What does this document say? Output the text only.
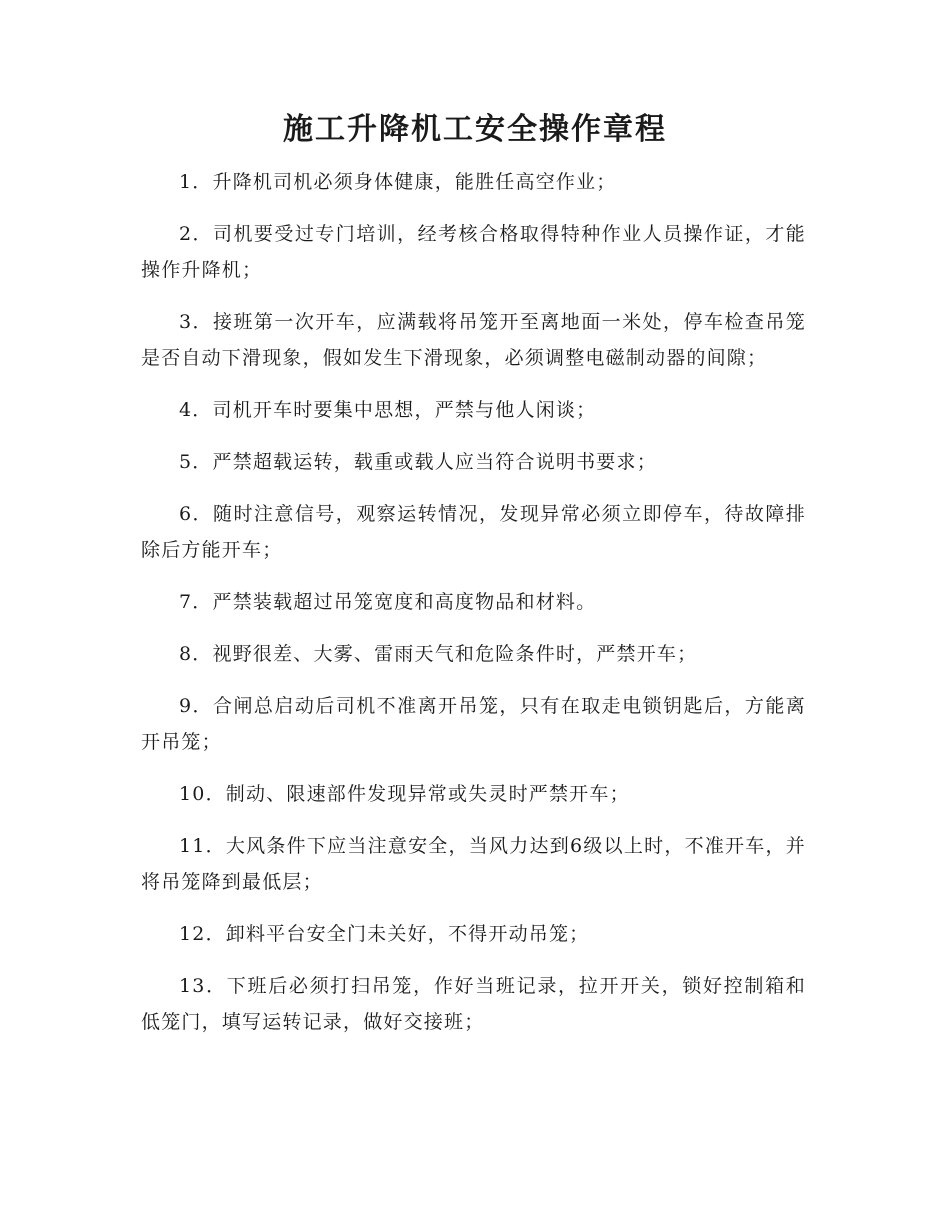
施工升降机工安全操作章程

1．升降机司机必须身体健康，能胜任高空作业；

2．司机要受过专门培训，经考核合格取得特种作业人员操作证，才能操作升降机；

3．接班第一次开车，应满载将吊笼开至离地面一米处，停车检查吊笼是否自动下滑现象，假如发生下滑现象，必须调整电磁制动器的间隙；

4．司机开车时要集中思想，严禁与他人闲谈；

5．严禁超载运转，载重或载人应当符合说明书要求；

6．随时注意信号，观察运转情况，发现异常必须立即停车，待故障排除后方能开车；

7．严禁装载超过吊笼宽度和高度物品和材料。

8．视野很差、大雾、雷雨天气和危险条件时，严禁开车；

9．合闸总启动后司机不准离开吊笼，只有在取走电锁钥匙后，方能离开吊笼；

10．制动、限速部件发现异常或失灵时严禁开车；

11．大风条件下应当注意安全，当风力达到6级以上时，不准开车，并将吊笼降到最低层；

12．卸料平台安全门未关好，不得开动吊笼；

13．下班后必须打扫吊笼，作好当班记录，拉开开关，锁好控制箱和低笼门，填写运转记录，做好交接班；
